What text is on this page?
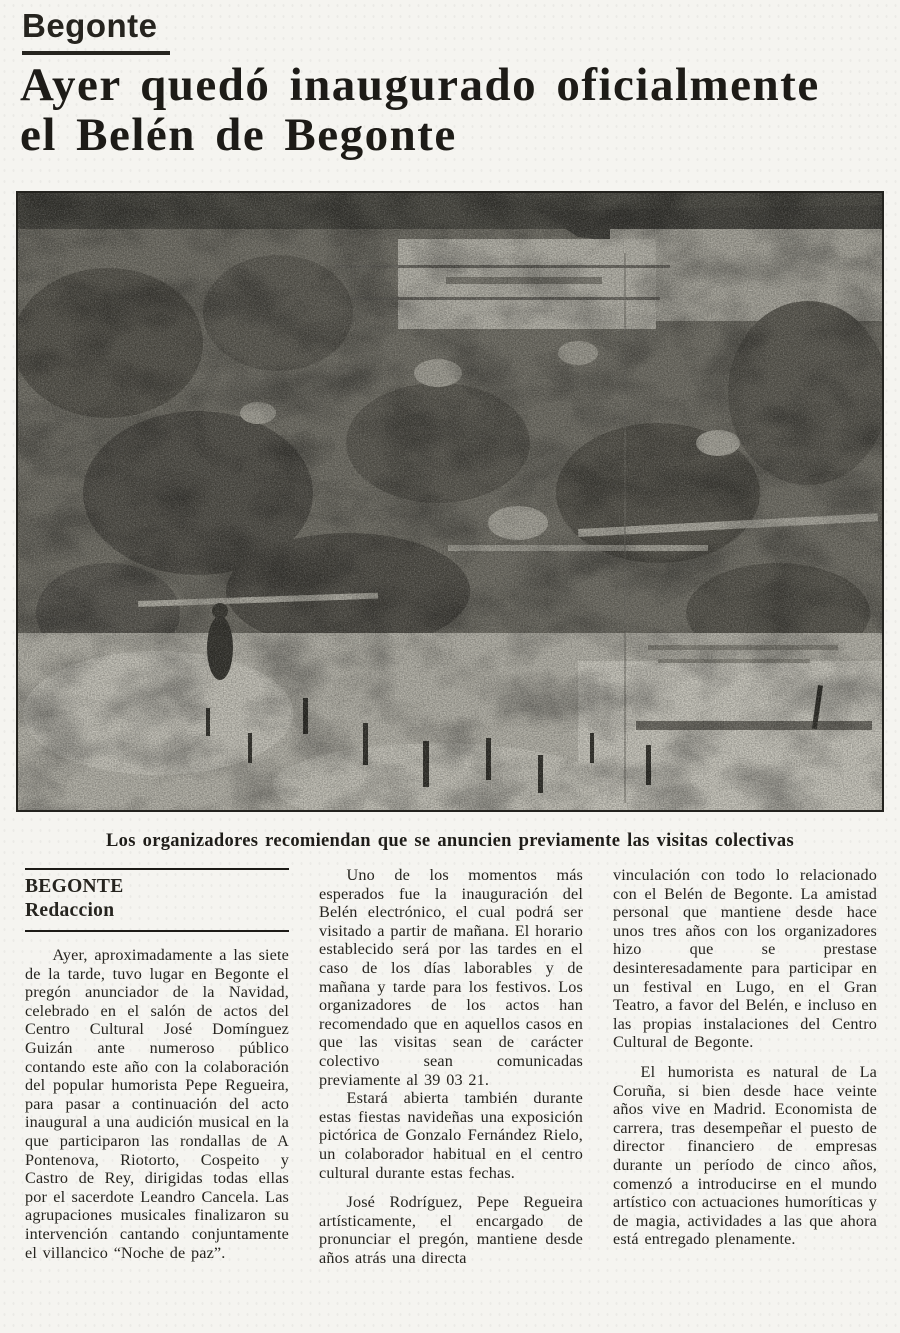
Begonte
Ayer quedó inaugurado oficialmente
el Belén de Begonte
Los organizadores recomiendan que se anuncien previamente las visitas colectivas
BEGONTE
Redaccion

Ayer, aproximadamente a las siete de la tarde, tuvo lugar en Begonte el pregón anunciador de la Navidad, celebrado en el salón de actos del Centro Cultural José Domínguez Guizán ante numeroso público contando este año con la colaboración del popular humorista Pepe Regueira, para pasar a continuación del acto inaugural a una audición musical en la que participaron las rondallas de A Pontenova, Riotorto, Cospeito y Castro de Rey, dirigidas todas ellas por el sacerdote Leandro Cancela. Las agrupaciones musicales finalizaron su intervención cantando conjuntamente el villancico “Noche de paz”.

Uno de los momentos más esperados fue la inauguración del Belén electrónico, el cual podrá ser visitado a partir de mañana. El horario establecido será por las tardes en el caso de los días laborables y de mañana y tarde para los festivos. Los organizadores de los actos han recomendado que en aquellos casos en que las visitas sean de carácter colectivo sean comunicadas previamente al 39 03 21.

Estará abierta también durante estas fiestas navideñas una exposición pictórica de Gonzalo Fernández Rielo, un colaborador habitual en el centro cultural durante estas fechas.

José Rodríguez, Pepe Regueira artísticamente, el encargado de pronunciar el pregón, mantiene desde años atrás una directa

vinculación con todo lo relacionado con el Belén de Begonte. La amistad personal que mantiene desde hace unos tres años con los organizadores hizo que se prestase desinteresadamente para participar en un festival en Lugo, en el Gran Teatro, a favor del Belén, e incluso en las propias instalaciones del Centro Cultural de Begonte.

El humorista es natural de La Coruña, si bien desde hace veinte años vive en Madrid. Economista de carrera, tras desempeñar el puesto de director financiero de empresas durante un período de cinco años, comenzó a introducirse en el mundo artístico con actuaciones humoríticas y de magia, actividades a las que ahora está entregado plenamente.
